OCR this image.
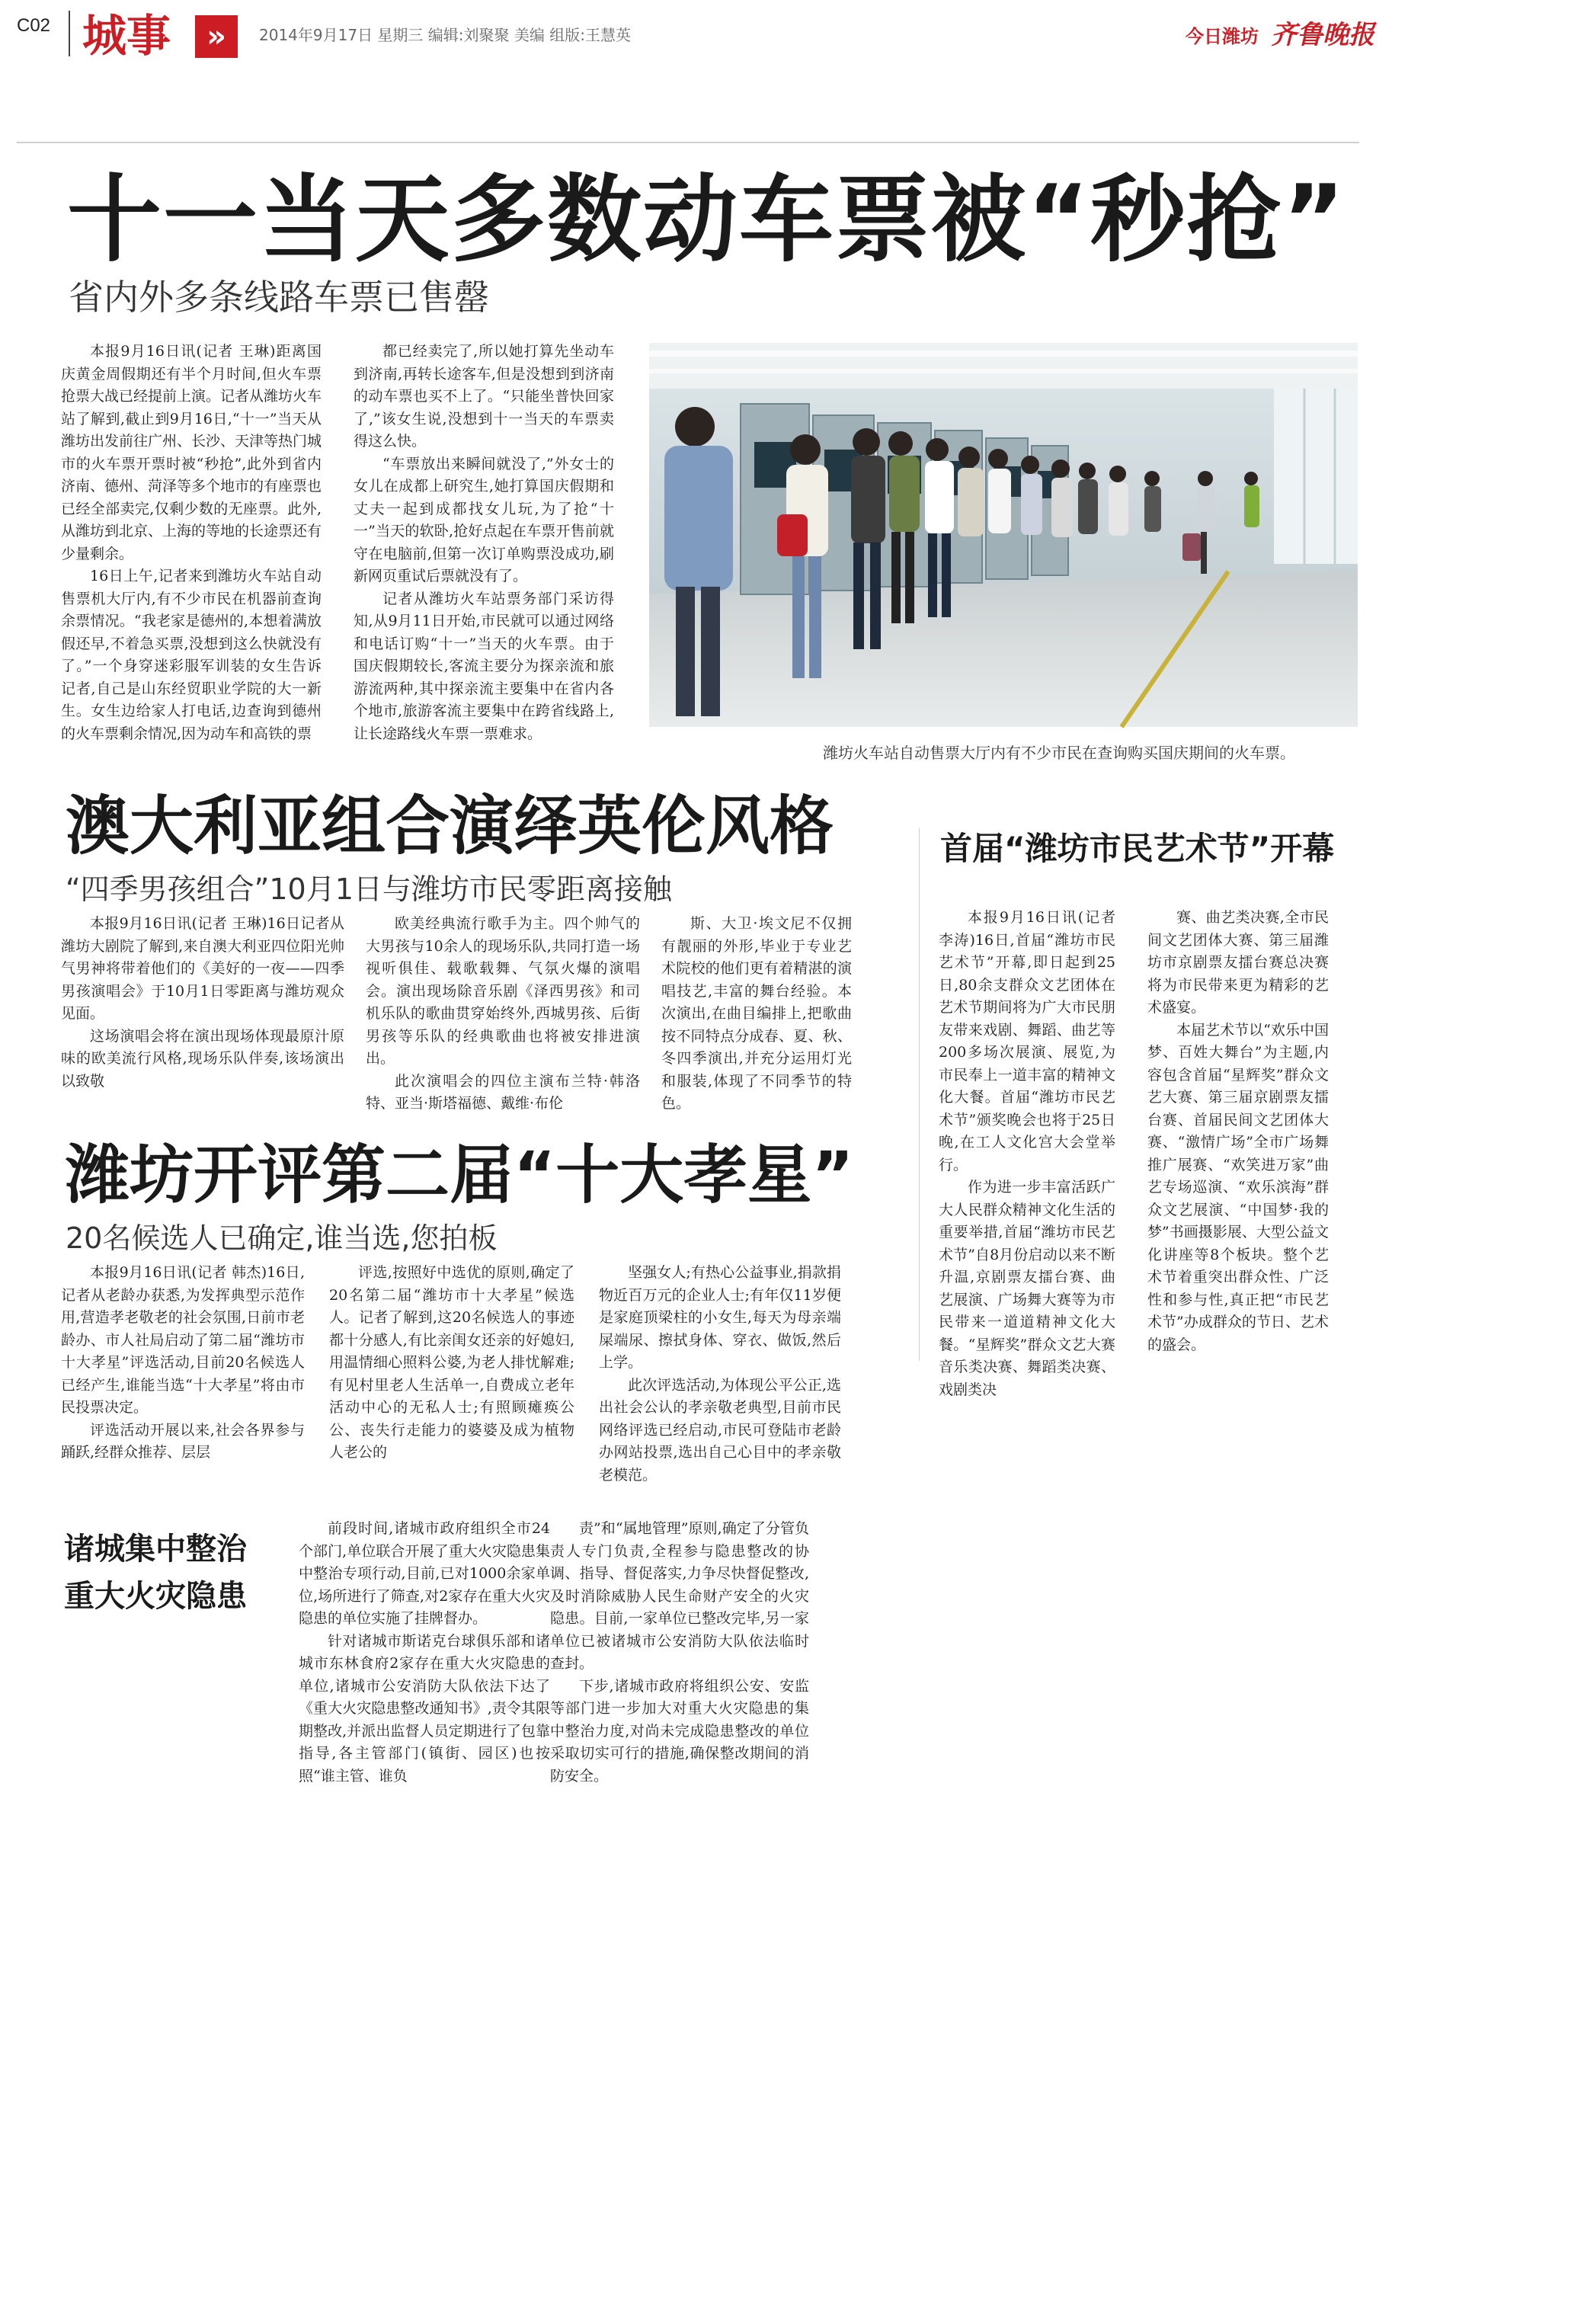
C02 城事	»	2014年9月17日 星期三 编辑:刘聚聚 美编 组版:王慧英	今日潍坊 齐鲁晚报
十一当天多数动车票被“秒抢”
省内外多条线路车票已售罄

本报9月16日讯(记者 王琳)距离国庆黄金周假期还有半个月时间,但火车票抢票大战已经提前上演。记者从潍坊火车站了解到,截止到9月16日,“十一”当天从潍坊出发前往广州、长沙、天津等热门城市的火车票开票时被“秒抢”,此外到省内济南、德州、菏泽等多个地市的有座票也已经全部卖完,仅剩少数的无座票。此外,从潍坊到北京、上海的等地的长途票还有少量剩余。

16日上午,记者来到潍坊火车站自动售票机大厅内,有不少市民在机器前查询余票情况。“我老家是德州的,本想着满放假还早,不着急买票,没想到这么快就没有了。”一个身穿迷彩服军训装的女生告诉记者,自己是山东经贸职业学院的大一新生。女生边给家人打电话,边查询到德州的火车票剩余情况,因为动车和高铁的票

都已经卖完了,所以她打算先坐动车到济南,再转长途客车,但是没想到到济南的动车票也买不上了。“只能坐普快回家了,”该女生说,没想到十一当天的车票卖得这么快。

“车票放出来瞬间就没了,”外女士的女儿在成都上研究生,她打算国庆假期和丈夫一起到成都找女儿玩,为了抢“十一”当天的软卧,抢好点起在车票开售前就守在电脑前,但第一次订单购票没成功,刷新网页重试后票就没有了。

记者从潍坊火车站票务部门采访得知,从9月11日开始,市民就可以通过网络和电话订购“十一”当天的火车票。由于国庆假期较长,客流主要分为探亲流和旅游流两种,其中探亲流主要集中在省内各个地市,旅游客流主要集中在跨省线路上,让长途路线火车票一票难求。

潍坊火车站自动售票大厅内有不少市民在查询购买国庆期间的火车票。
澳大利亚组合演绎英伦风格
“四季男孩组合”10月1日与潍坊市民零距离接触

本报9月16日讯(记者 王琳)16日记者从潍坊大剧院了解到,来自澳大利亚四位阳光帅气男神将带着他们的《美好的一夜——四季男孩演唱会》于10月1日零距离与潍坊观众见面。

这场演唱会将在演出现场体现最原汁原味的欧美流行风格,现场乐队伴奏,该场演出以致敬

欧美经典流行歌手为主。四个帅气的大男孩与10余人的现场乐队,共同打造一场视听俱佳、载歌载舞、气氛火爆的演唱会。演出现场除音乐剧《泽西男孩》和司机乐队的歌曲贯穿始终外,西城男孩、后街男孩等乐队的经典歌曲也将被安排进演出。

此次演唱会的四位主演布兰特·韩洛特、亚当·斯塔福德、戴维·布伦

斯、大卫·埃文尼不仅拥有靓丽的外形,毕业于专业艺术院校的他们更有着精湛的演唱技艺,丰富的舞台经验。本次演出,在曲目编排上,把歌曲按不同特点分成春、夏、秋、冬四季演出,并充分运用灯光和服装,体现了不同季节的特色。

首届“潍坊市民艺术节”开幕

本报9月16日讯(记者 李涛)16日,首届“潍坊市民艺术节”开幕,即日起到25日,80余支群众文艺团体在艺术节期间将为广大市民朋友带来戏剧、舞蹈、曲艺等200多场次展演、展览,为市民奉上一道丰富的精神文化大餐。首届“潍坊市民艺术节”颁奖晚会也将于25日晚,在工人文化宫大会堂举行。

作为进一步丰富活跃广大人民群众精神文化生活的重要举措,首届“潍坊市民艺术节”自8月份启动以来不断升温,京剧票友擂台赛、曲艺展演、广场舞大赛等为市民带来一道道精神文化大餐。“星辉奖”群众文艺大赛音乐类决赛、舞蹈类决赛、戏剧类决

赛、曲艺类决赛,全市民间文艺团体大赛、第三届潍坊市京剧票友擂台赛总决赛将为市民带来更为精彩的艺术盛宴。

本届艺术节以“欢乐中国梦、百姓大舞台”为主题,内容包含首届“星辉奖”群众文艺大赛、第三届京剧票友擂台赛、首届民间文艺团体大赛、“激情广场”全市广场舞推广展赛、“欢笑进万家”曲艺专场巡演、“欢乐滨海”群众文艺展演、“中国梦·我的梦”书画摄影展、大型公益文化讲座等8个板块。整个艺术节着重突出群众性、广泛性和参与性,真正把“市民艺术节”办成群众的节日、艺术的盛会。

潍坊开评第二届“十大孝星”
20名候选人已确定,谁当选,您拍板

本报9月16日讯(记者 韩杰)16日,记者从老龄办获悉,为发挥典型示范作用,营造孝老敬老的社会氛围,日前市老龄办、市人社局启动了第二届“潍坊市十大孝星”评选活动,目前20名候选人已经产生,谁能当选“十大孝星”将由市民投票决定。

评选活动开展以来,社会各界参与踊跃,经群众推荐、层层

评选,按照好中选优的原则,确定了20名第二届“潍坊市十大孝星”候选人。记者了解到,这20名候选人的事迹都十分感人,有比亲闺女还亲的好媳妇,用温情细心照料公婆,为老人排忧解难;有见村里老人生活单一,自费成立老年活动中心的无私人士;有照顾瘫痪公公、丧失行走能力的婆婆及成为植物人老公的

坚强女人;有热心公益事业,捐款捐物近百万元的企业人士;有年仅11岁便是家庭顶梁柱的小女生,每天为母亲端屎端尿、擦拭身体、穿衣、做饭,然后上学。

此次评选活动,为体现公平公正,选出社会公认的孝亲敬老典型,目前市民网络评选已经启动,市民可登陆市老龄办网站投票,选出自己心目中的孝亲敬老模范。

诸城集中整治
重大火灾隐患

前段时间,诸城市政府组织全市24个部门,单位联合开展了重大火灾隐患集中整治专项行动,目前,已对1000余家单位,场所进行了筛查,对2家存在重大火灾隐患的单位实施了挂牌督办。

针对诸城市斯诺克台球俱乐部和诸城市东林食府2家存在重大火灾隐患的单位,诸城市公安消防大队依法下达了《重大火灾隐患整改通知书》,责令其限期整改,并派出监督人员定期进行了包靠指导,各主管部门(镇街、园区)也按照“谁主管、谁负

责”和“属地管理”原则,确定了分管负责人专门负责,全程参与隐患整改的协调、指导、督促落实,力争尽快督促整改,及时消除威胁人民生命财产安全的火灾隐患。目前,一家单位已整改完毕,另一家单位已被诸城市公安消防大队依法临时查封。

下步,诸城市政府将组织公安、安监等部门进一步加大对重大火灾隐患的集中整治力度,对尚未完成隐患整改的单位采取切实可行的措施,确保整改期间的消防安全。
